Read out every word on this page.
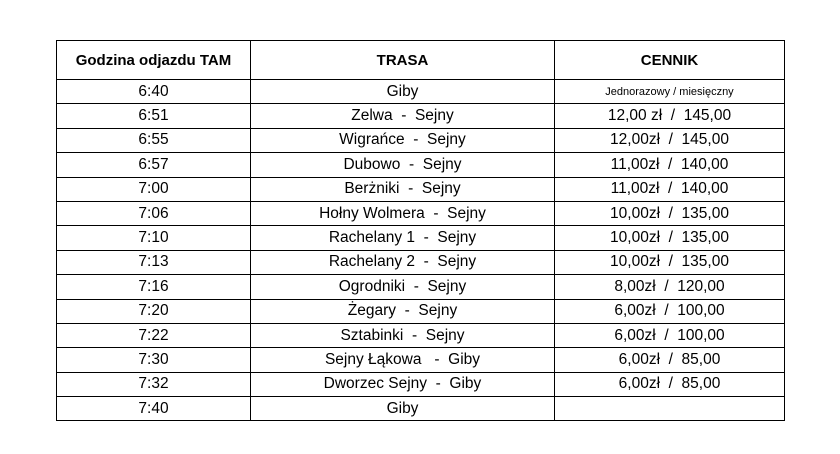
Godzina odjazdu TAM	TRASA	CENNIK
6:40	Giby	Jednorazowy / miesięczny
6:51	Zelwa  -  Sejny	12,00 zł  /  145,00
6:55	Wigrańce  -  Sejny	12,00zł  /  145,00
6:57	Dubowo  -  Sejny	11,00zł  /  140,00
7:00	Berżniki  -  Sejny	11,00zł  /  140,00
7:06	Hołny Wolmera  -  Sejny	10,00zł  /  135,00
7:10	Rachelany 1  -  Sejny	10,00zł  /  135,00
7:13	Rachelany 2  -  Sejny	10,00zł  /  135,00
7:16	Ogrodniki  -  Sejny	8,00zł  /  120,00
7:20	Żegary  -  Sejny	6,00zł  /  100,00
7:22	Sztabinki  -  Sejny	6,00zł  /  100,00
7:30	Sejny Łąkowa   -  Giby	6,00zł  /  85,00
7:32	Dworzec Sejny  -  Giby	6,00zł  /  85,00
7:40	Giby	
